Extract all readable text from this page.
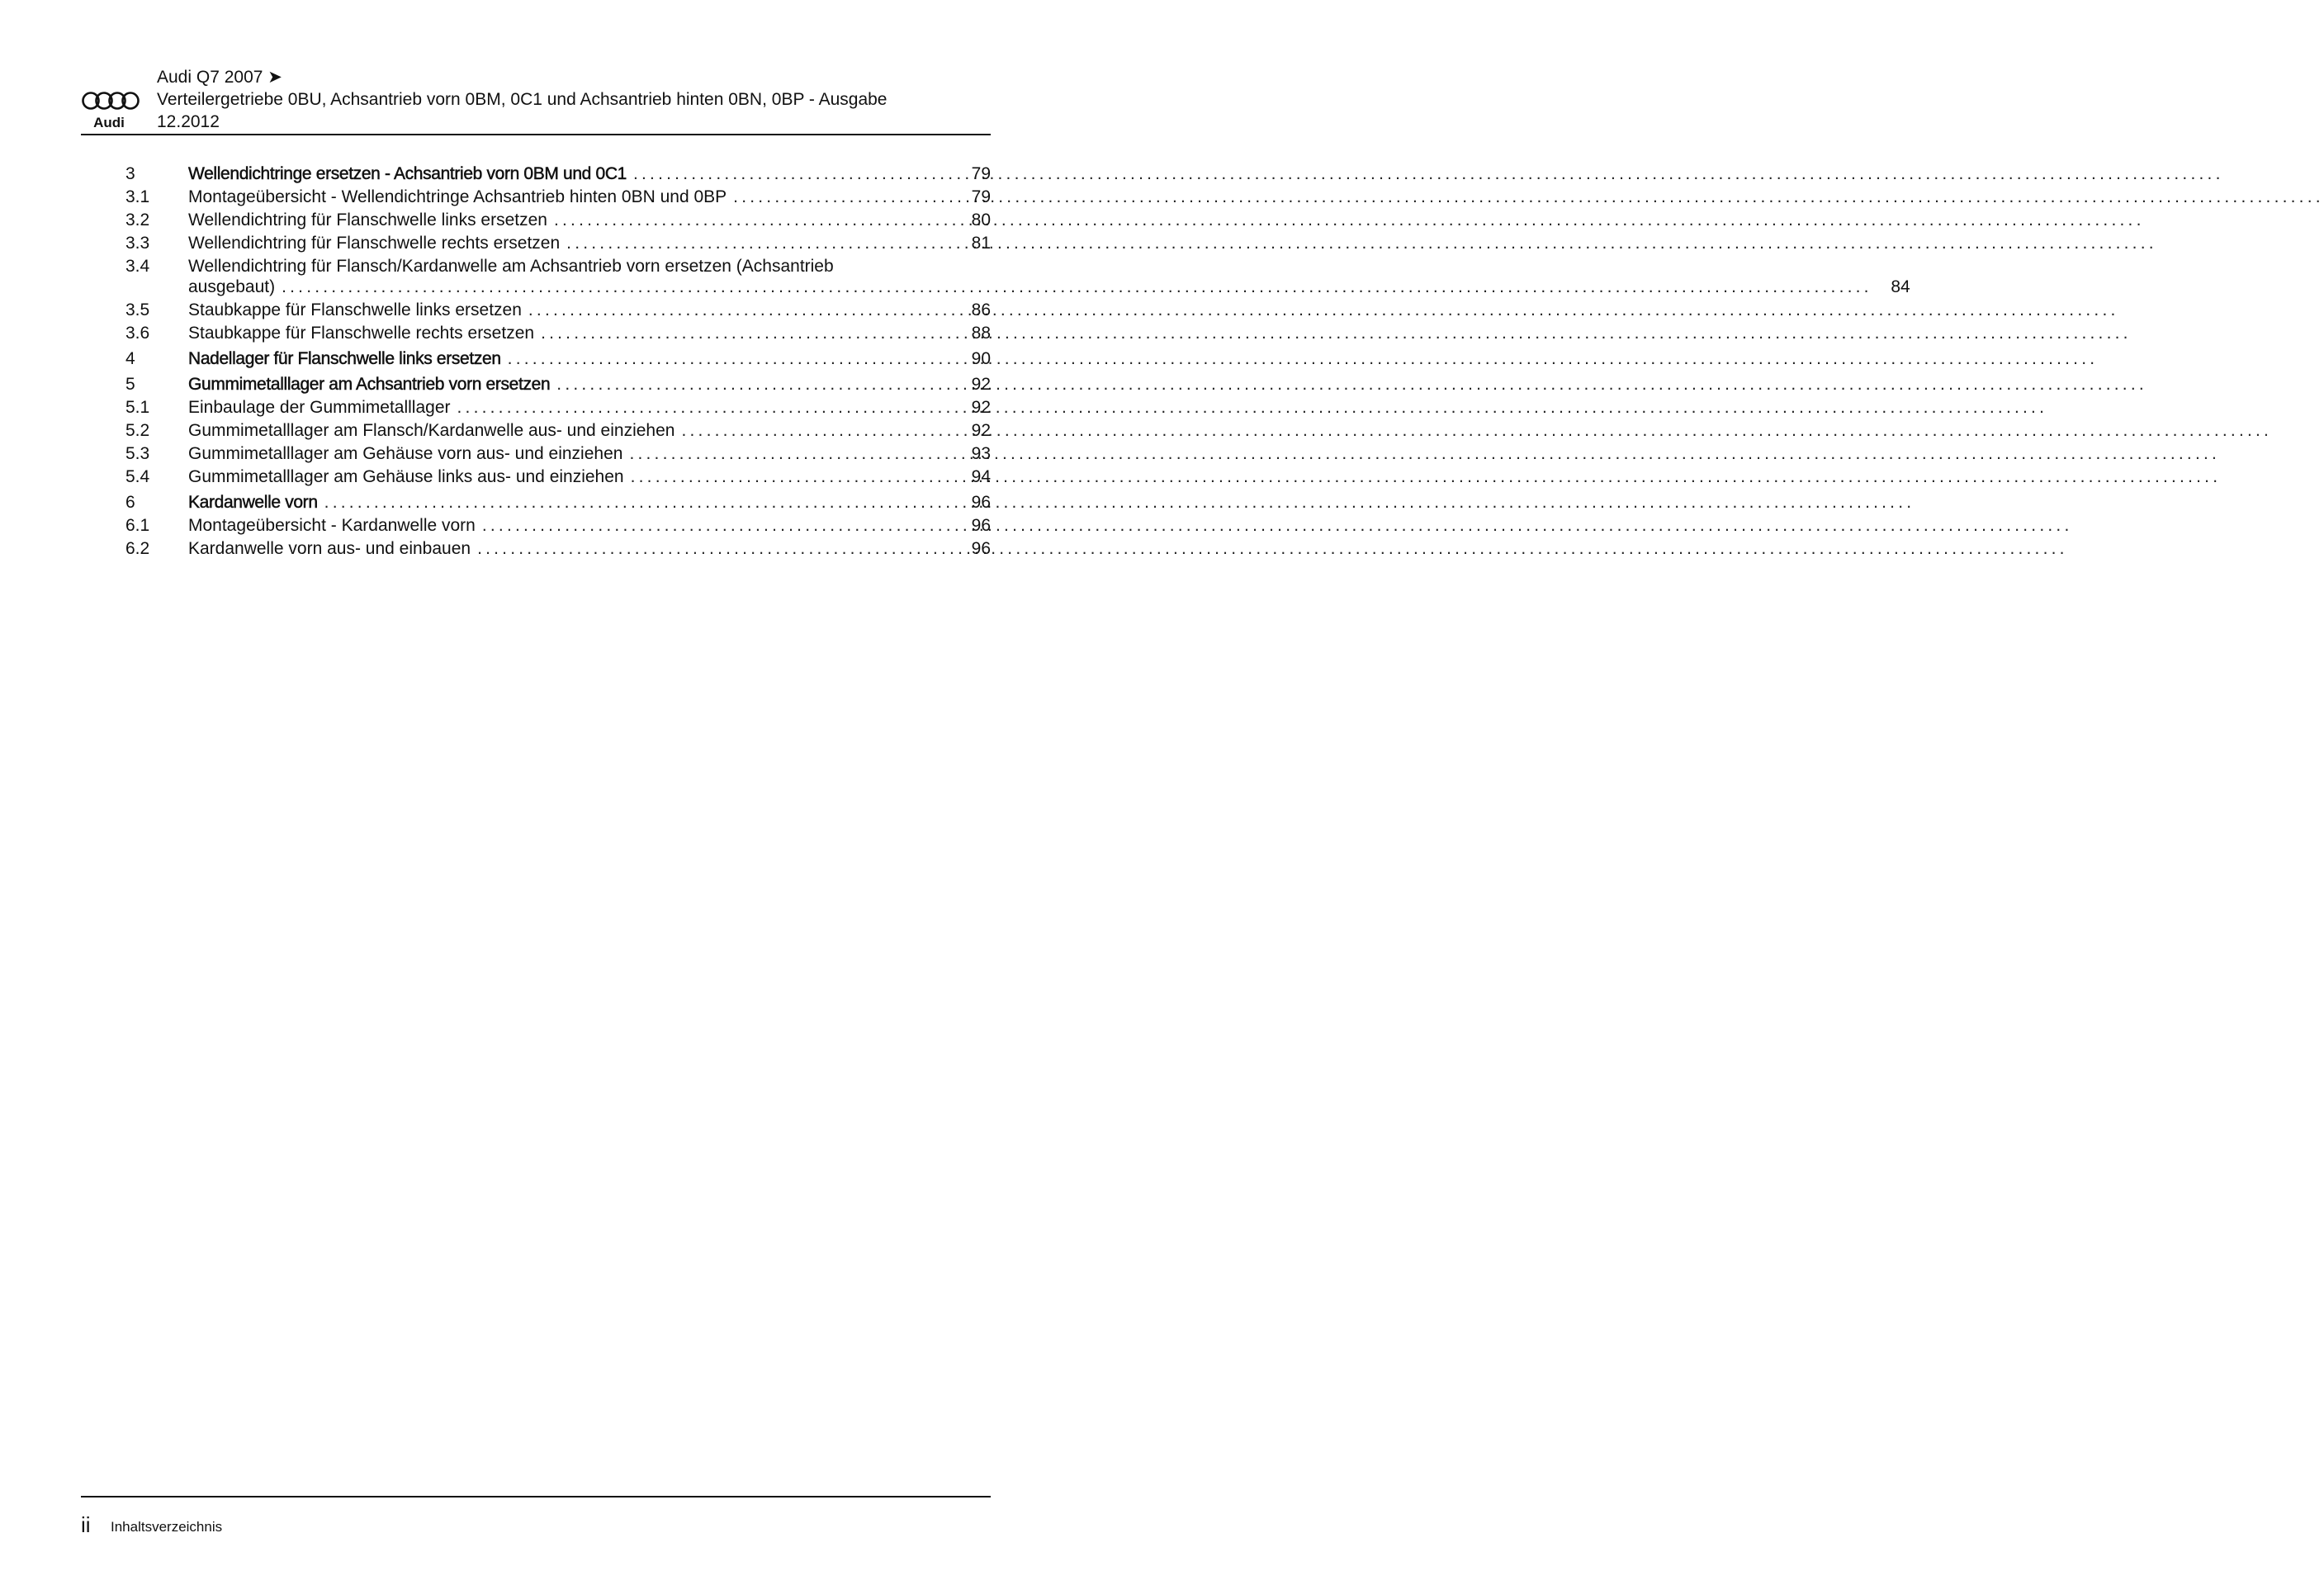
Audi
Audi Q7 2007 ➤
Verteilergetriebe 0BU, Achsantrieb vorn 0BM, 0C1 und Achsantrieb hinten 0BN, 0BP - Ausgabe
12.2012
3	Wellendichtringe ersetzen - Achsantrieb vorn 0BM und 0C1 .....	79
3.1	Montageübersicht - Wellendichtringe Achsantrieb hinten 0BN und 0BP .....	79
3.2	Wellendichtring für Flanschwelle links ersetzen .....	80
3.3	Wellendichtring für Flanschwelle rechts ersetzen .....	81
3.4	Wellendichtring für Flansch/Kardanwelle am Achsantrieb vorn ersetzen (Achsantrieb
ausgebaut) .....	84
3.5	Staubkappe für Flanschwelle links ersetzen .....	86
3.6	Staubkappe für Flanschwelle rechts ersetzen .....	88
4	Nadellager für Flanschwelle links ersetzen .....	90
5	Gummimetalllager am Achsantrieb vorn ersetzen .....	92
5.1	Einbaulage der Gummimetalllager .....	92
5.2	Gummimetalllager am Flansch/Kardanwelle aus- und einziehen .....	92
5.3	Gummimetalllager am Gehäuse vorn aus- und einziehen .....	93
5.4	Gummimetalllager am Gehäuse links aus- und einziehen .....	94
6	Kardanwelle vorn .....	96
6.1	Montageübersicht - Kardanwelle vorn .....	96
6.2	Kardanwelle vorn aus- und einbauen .....	96
ii Inhaltsverzeichnis
